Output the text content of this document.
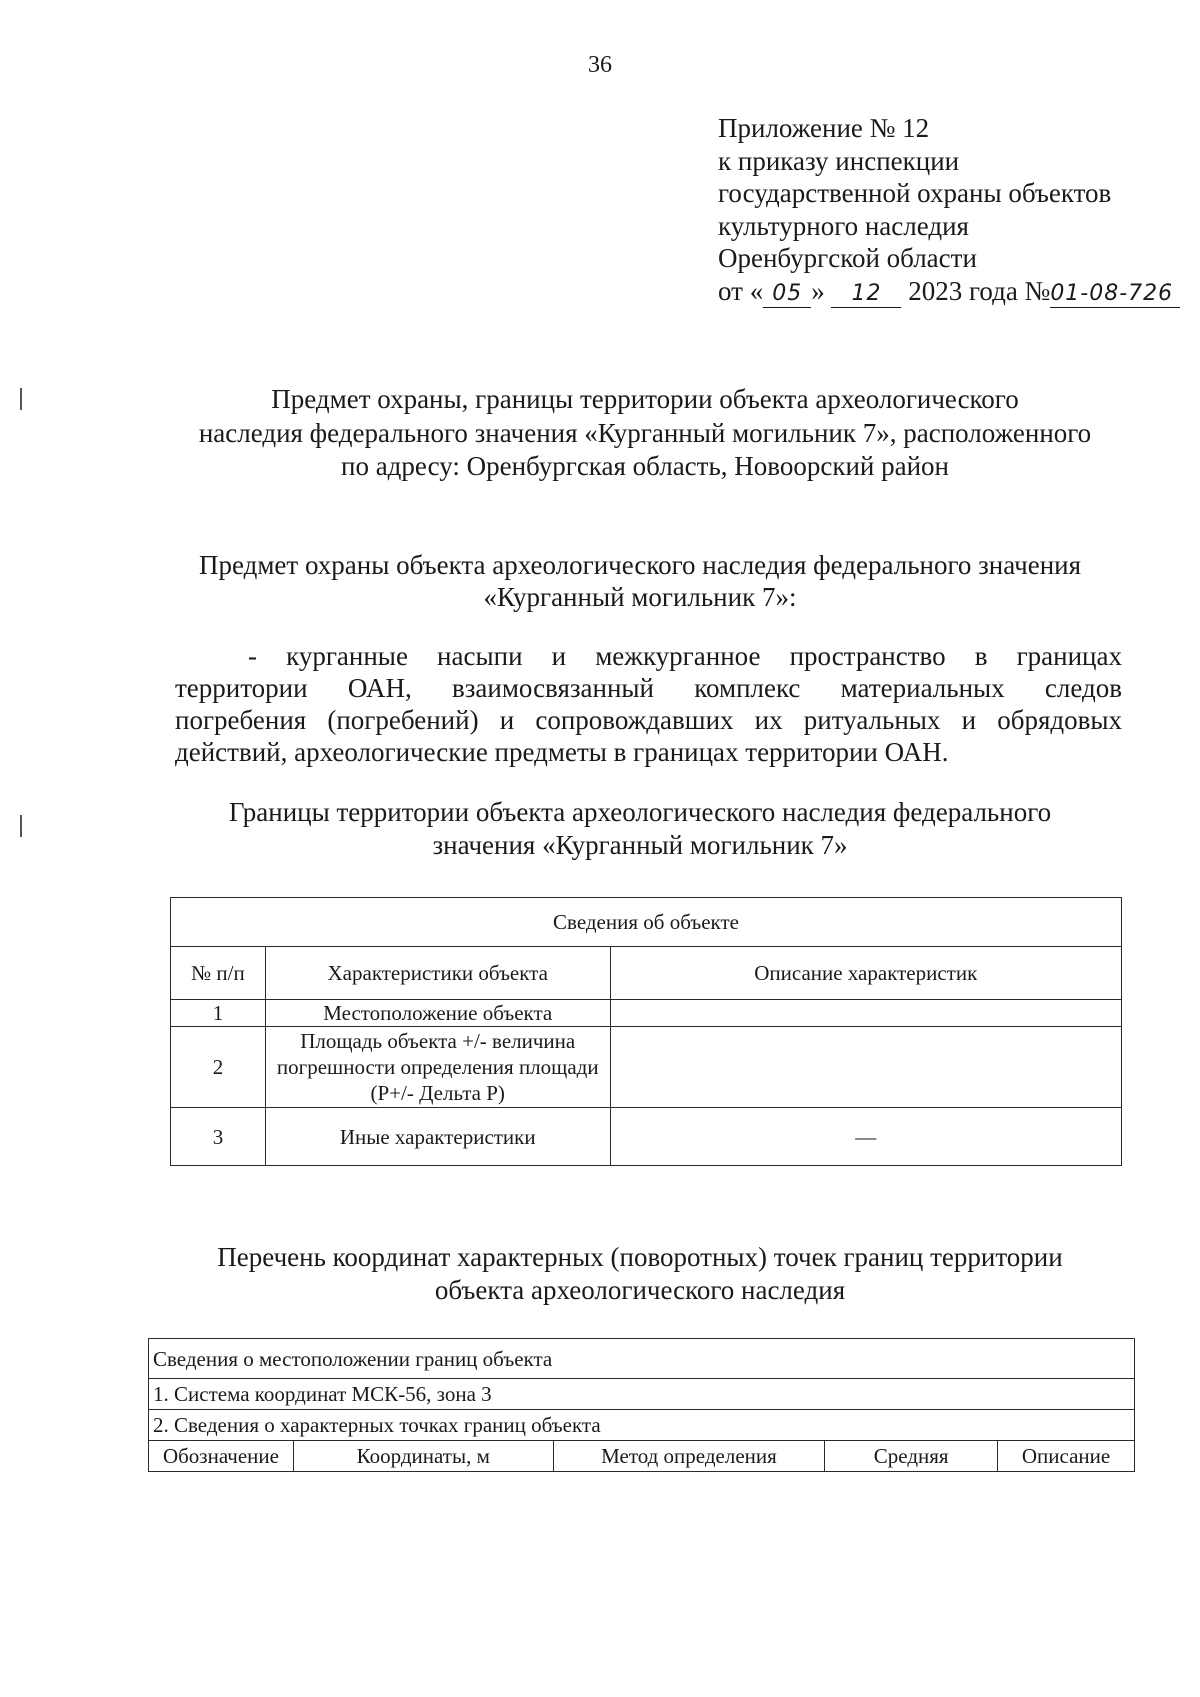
36
Приложение № 12
к приказу инспекции
государственной охраны объектов
культурного наследия
Оренбургской области
от « 05 » 12 2023 года №01-08-726
Предмет охраны, границы территории объекта археологического
наследия федерального значения «Курганный могильник 7», расположенного
по адресу: Оренбургская область, Новоорский район
Предмет охраны объекта археологического наследия федерального значения
«Курганный могильник 7»:
- курганные насыпи и межкурганное пространство в границах
территории ОАН, взаимосвязанный комплекс материальных следов
погребения (погребений) и сопровождавших их ритуальных и обрядовых
действий, археологические предметы в границах территории ОАН.
Границы территории объекта археологического наследия федерального
значения «Курганный могильник 7»
Сведения об объекте		
№ п/п	Характеристики объекта	Описание характеристик
1	Местоположение объекта	
2	Площадь объекта +/- величина погрешности определения площади (Р+/- Дельта Р)	
3	Иные характеристики	—
Перечень координат характерных (поворотных) точек границ территории
объекта археологического наследия
Сведения о местоположении границ объекта
1. Система координат МСК-56, зона 3
2. Сведения о характерных точках границ объекта
Обозначение	Координаты, м	Метод определения	Средняя	Описание
